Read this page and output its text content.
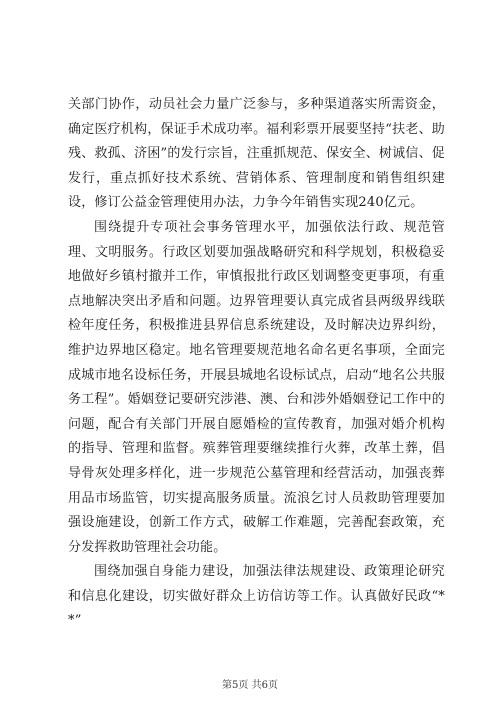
关部门协作，动员社会力量广泛参与，多种渠道落实所需资金，确定医疗机构，保证手术成功率。福利彩票开展要坚持“扶老、助残、救孤、济困”的发行宗旨，注重抓规范、保安全、树诚信、促发行，重点抓好技术系统、营销体系、管理制度和销售组织建设，修订公益金管理使用办法，力争今年销售实现240亿元。

围绕提升专项社会事务管理水平，加强依法行政、规范管理、文明服务。行政区划要加强战略研究和科学规划，积极稳妥地做好乡镇村撤并工作，审慎报批行政区划调整变更事项，有重点地解决突出矛盾和问题。边界管理要认真完成省县两级界线联检年度任务，积极推进县界信息系统建设，及时解决边界纠纷，维护边界地区稳定。地名管理要规范地名命名更名事项，全面完成城市地名设标任务，开展县城地名设标试点，启动“地名公共服务工程”。婚姻登记要研究涉港、澳、台和涉外婚姻登记工作中的问题，配合有关部门开展自愿婚检的宣传教育，加强对婚介机构的指导、管理和监督。殡葬管理要继续推行火葬，改革土葬，倡导骨灰处理多样化，进一步规范公墓管理和经营活动，加强丧葬用品市场监管，切实提高服务质量。流浪乞讨人员救助管理要加强设施建设，创新工作方式，破解工作难题，完善配套政策，充分发挥救助管理社会功能。

围绕加强自身能力建设，加强法律法规建设、政策理论研究和信息化建设，切实做好群众上访信访等工作。认真做好民政“**”

第5页 共6页
